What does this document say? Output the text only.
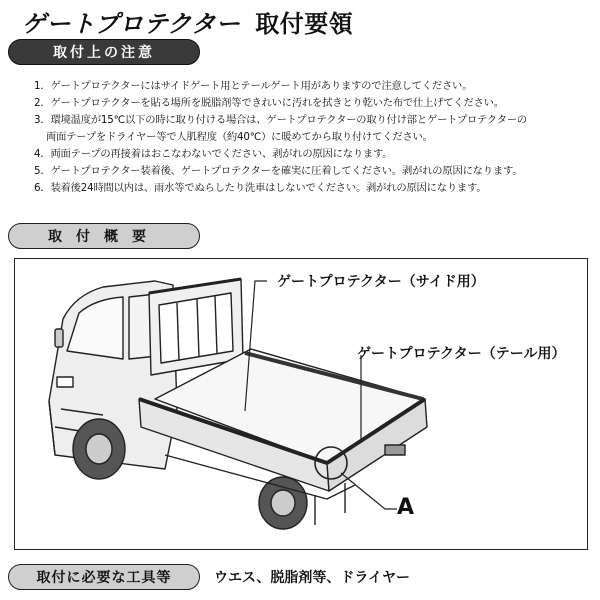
ゲートプロテクター 取付要領
取付上の注意
1．ゲートプロテクターにはサイドゲート用とテールゲート用がありますので注意してください。
2．ゲートプロテクターを貼る場所を脱脂剤等できれいに汚れを拭きとり乾いた布で仕上げてください。
3．環境温度が15℃以下の時に取り付ける場合は、ゲートプロテクターの取り付け部とゲートプロテクターの
両面テープをドライヤー等で人肌程度（約40℃）に暖めてから取り付けてください。
4．両面テープの再接着はおこなわないでください、剥がれの原因になります。
5．ゲートプロテクター装着後、ゲートプロテクターを確実に圧着してください。剥がれの原因になります。
6．装着後24時間以内は、雨水等でぬらしたり洗車はしないでください。剥がれの原因になります。
取付概要
ゲートプロテクター（サイド用）
ゲートプロテクター（テール用）
A
取付に必要な工具等	ウエス、脱脂剤等、ドライヤー
